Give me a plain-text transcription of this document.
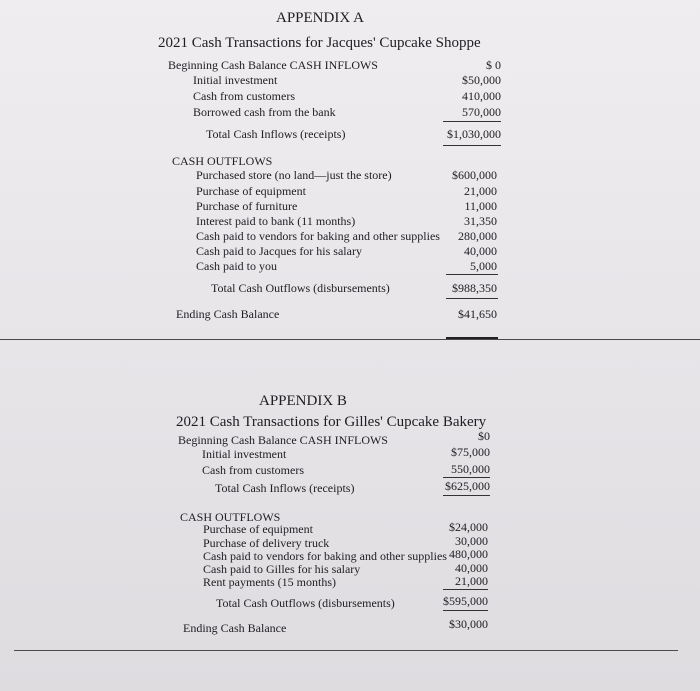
APPENDIX A
2021 Cash Transactions for Jacques' Cupcake Shoppe
Beginning Cash Balance CASH INFLOWS	$ 0
Initial investment	$50,000
Cash from customers	410,000
Borrowed cash from the bank	570,000
Total Cash Inflows (receipts)	$1,030,000
CASH OUTFLOWS
Purchased store (no land—just the store)	$600,000
Purchase of equipment	21,000
Purchase of furniture	11,000
Interest paid to bank (11 months)	31,350
Cash paid to vendors for baking and other supplies 280,000
Cash paid to Jacques for his salary	40,000
Cash paid to you	5,000
Total Cash Outflows (disbursements)	$988,350
Ending Cash Balance	$41,650
APPENDIX B
2021 Cash Transactions for Gilles' Cupcake Bakery
Beginning Cash Balance CASH INFLOWS	$0
Initial investment	$75,000
Cash from customers	550,000
Total Cash Inflows (receipts)	$625,000
CASH OUTFLOWS
Purchase of equipment	$24,000
Purchase of delivery truck	30,000
Cash paid to vendors for baking and other supplies 480,000
Cash paid to Gilles for his salary	40,000
Rent payments (15 months)	21,000
Total Cash Outflows (disbursements)	$595,000
Ending Cash Balance	$30,000
